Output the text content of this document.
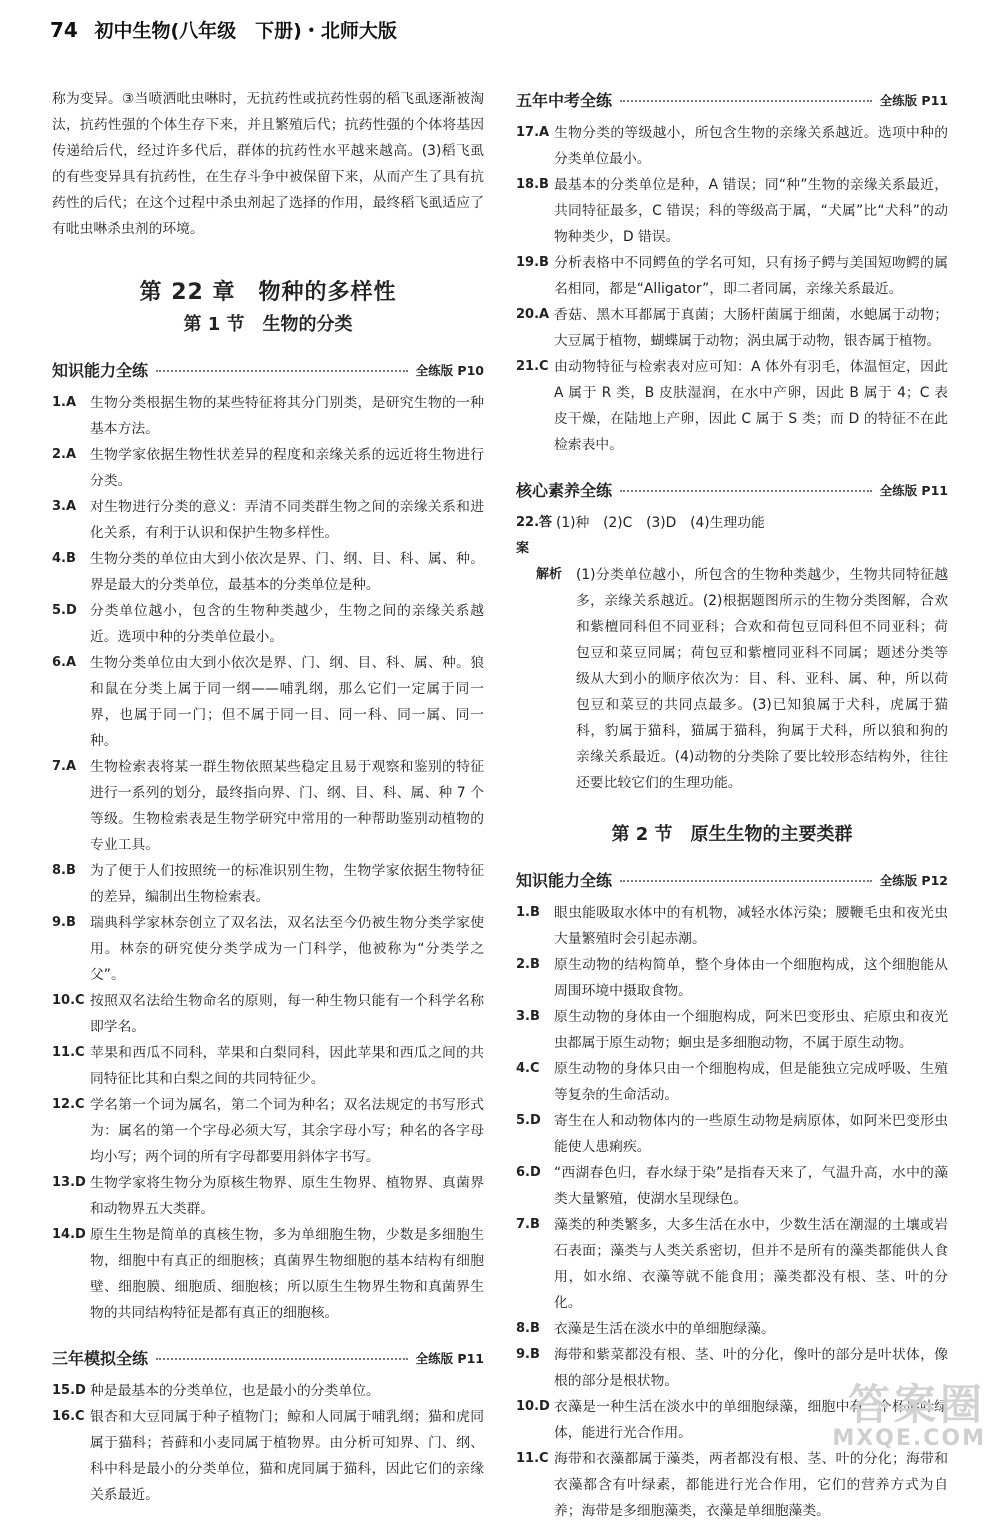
74 初中生物(八年级　下册)・北师大版

称为变异。③当喷洒吡虫啉时，无抗药性或抗药性弱的稻飞虱逐渐被淘汰，抗药性强的个体生存下来，并且繁殖后代；抗药性强的个体将基因传递给后代，经过许多代后，群体的抗药性水平越来越高。(3)稻飞虱的有些变异具有抗药性，在生存斗争中被保留下来，从而产生了具有抗药性的后代；在这个过程中杀虫剂起了选择的作用，最终稻飞虱适应了有吡虫啉杀虫剂的环境。

第 22 章　物种的多样性
第 1 节　生物的分类
知识能力全练	全练版 P10
1.A	生物分类根据生物的某些特征将其分门别类，是研究生物的一种基本方法。
2.A	生物学家依据生物性状差异的程度和亲缘关系的远近将生物进行分类。
3.A	对生物进行分类的意义：弄清不同类群生物之间的亲缘关系和进化关系，有利于认识和保护生物多样性。
4.B	生物分类的单位由大到小依次是界、门、纲、目、科、属、种。界是最大的分类单位，最基本的分类单位是种。
5.D 分类单位越小，包含的生物种类越少，生物之间的亲缘关系越近。选项中种的分类单位最小。
6.A	生物分类单位由大到小依次是界、门、纲、目、科、属、种。狼和鼠在分类上属于同一纲——哺乳纲，那么它们一定属于同一界，也属于同一门；但不属于同一目、同一科、同一属、同一种。
7.A	生物检索表将某一群生物依照某些稳定且易于观察和鉴别的特征进行一系列的划分，最终指向界、门、纲、目、科、属、种 7 个等级。生物检索表是生物学研究中常用的一种帮助鉴别动植物的专业工具。
8.B	为了便于人们按照统一的标准识别生物，生物学家依据生物特征的差异，编制出生物检索表。
9.B	瑞典科学家林奈创立了双名法，双名法至今仍被生物分类学家使用。林奈的研究使分类学成为一门科学，他被称为“分类学之父”。
10.C 按照双名法给生物命名的原则，每一种生物只能有一个科学名称即学名。
11.C 苹果和西瓜不同科，苹果和白梨同科，因此苹果和西瓜之间的共同特征比其和白梨之间的共同特征少。
12.C 学名第一个词为属名，第二个词为种名；双名法规定的书写形式为：属名的第一个字母必须大写，其余字母小写；种名的各字母均小写；两个词的所有字母都要用斜体字书写。
13.D 生物学家将生物分为原核生物界、原生生物界、植物界、真菌界和动物界五大类群。
14.D 原生生物是简单的真核生物，多为单细胞生物，少数是多细胞生物，细胞中有真正的细胞核；真菌界生物细胞的基本结构有细胞壁、细胞膜、细胞质、细胞核；所以原生生物界生物和真菌界生物的共同结构特征是都有真正的细胞核。
三年模拟全练	全练版 P11
15.D 种是最基本的分类单位，也是最小的分类单位。
16.C 银杏和大豆同属于种子植物门；鲸和人同属于哺乳纲；猫和虎同属于猫科；苔藓和小麦同属于植物界。由分析可知界、门、纲、科中科是最小的分类单位，猫和虎同属于猫科，因此它们的亲缘关系最近。
五年中考全练	全练版 P11
17.A 生物分类的等级越小，所包含生物的亲缘关系越近。选项中种的分类单位最小。
18.B 最基本的分类单位是种，A 错误；同“种”生物的亲缘关系最近，共同特征最多，C 错误；科的等级高于属，“犬属”比“犬科”的动物种类少，D 错误。
19.B 分析表格中不同鳄鱼的学名可知，只有扬子鳄与美国短吻鳄的属名相同，都是“Alligator”，即二者同属，亲缘关系最近。
20.A 香菇、黑木耳都属于真菌；大肠杆菌属于细菌，水螅属于动物；大豆属于植物，蝴蝶属于动物；涡虫属于动物，银杏属于植物。
21.C 由动物特征与检索表对应可知：A 体外有羽毛，体温恒定，因此 A 属于 R 类，B 皮肤湿润，在水中产卵，因此 B 属于 4；C 表皮干燥，在陆地上产卵，因此 C 属于 S 类；而 D 的特征不在此检索表中。
核心素养全练	全练版 P11
22.答案
(1)种　(2)C　(3)D　(4)生理功能
解析	(1)分类单位越小，所包含的生物种类越少，生物共同特征越多，亲缘关系越近。(2)根据题图所示的生物分类图解，合欢和紫檀同科但不同亚科；合欢和荷包豆同科但不同亚科；荷包豆和菜豆同属；荷包豆和紫檀同亚科不同属；题述分类等级从大到小的顺序依次为：目、科、亚科、属、种，所以荷包豆和菜豆的共同点最多。(3)已知狼属于犬科，虎属于猫科，豹属于猫科，猫属于猫科，狗属于犬科，所以狼和狗的亲缘关系最近。(4)动物的分类除了要比较形态结构外，往往还要比较它们的生理功能。
第 2 节　原生生物的主要类群
知识能力全练	全练版 P12
1.B	眼虫能吸取水体中的有机物，减轻水体污染；腰鞭毛虫和夜光虫大量繁殖时会引起赤潮。
2.B	原生动物的结构简单，整个身体由一个细胞构成，这个细胞能从周围环境中摄取食物。
3.B	原生动物的身体由一个细胞构成，阿米巴变形虫、疟原虫和夜光虫都属于原生动物；蛔虫是多细胞动物，不属于原生动物。
4.C	原生动物的身体只由一个细胞构成，但是能独立完成呼吸、生殖等复杂的生命活动。
5.D 寄生在人和动物体内的一些原生动物是病原体，如阿米巴变形虫能使人患痢疾。
6.D “西湖春色归，春水绿于染”是指春天来了，气温升高，水中的藻类大量繁殖，使湖水呈现绿色。
7.B	藻类的种类繁多，大多生活在水中，少数生活在潮湿的土壤或岩石表面；藻类与人类关系密切，但并不是所有的藻类都能供人食用，如水绵、衣藻等就不能食用；藻类都没有根、茎、叶的分化。
8.B	衣藻是生活在淡水中的单细胞绿藻。
9.B	海带和紫菜都没有根、茎、叶的分化，像叶的部分是叶状体，像根的部分是根状物。
10.D 衣藻是一种生活在淡水中的单细胞绿藻，细胞中有一个杯形叶绿体，能进行光合作用。
11.C 海带和衣藻都属于藻类，两者都没有根、茎、叶的分化；海带和衣藻都含有叶绿素，都能进行光合作用，它们的营养方式为自养；海带是多细胞藻类，衣藻是单细胞藻类。
答案圈
MXQE.COM
